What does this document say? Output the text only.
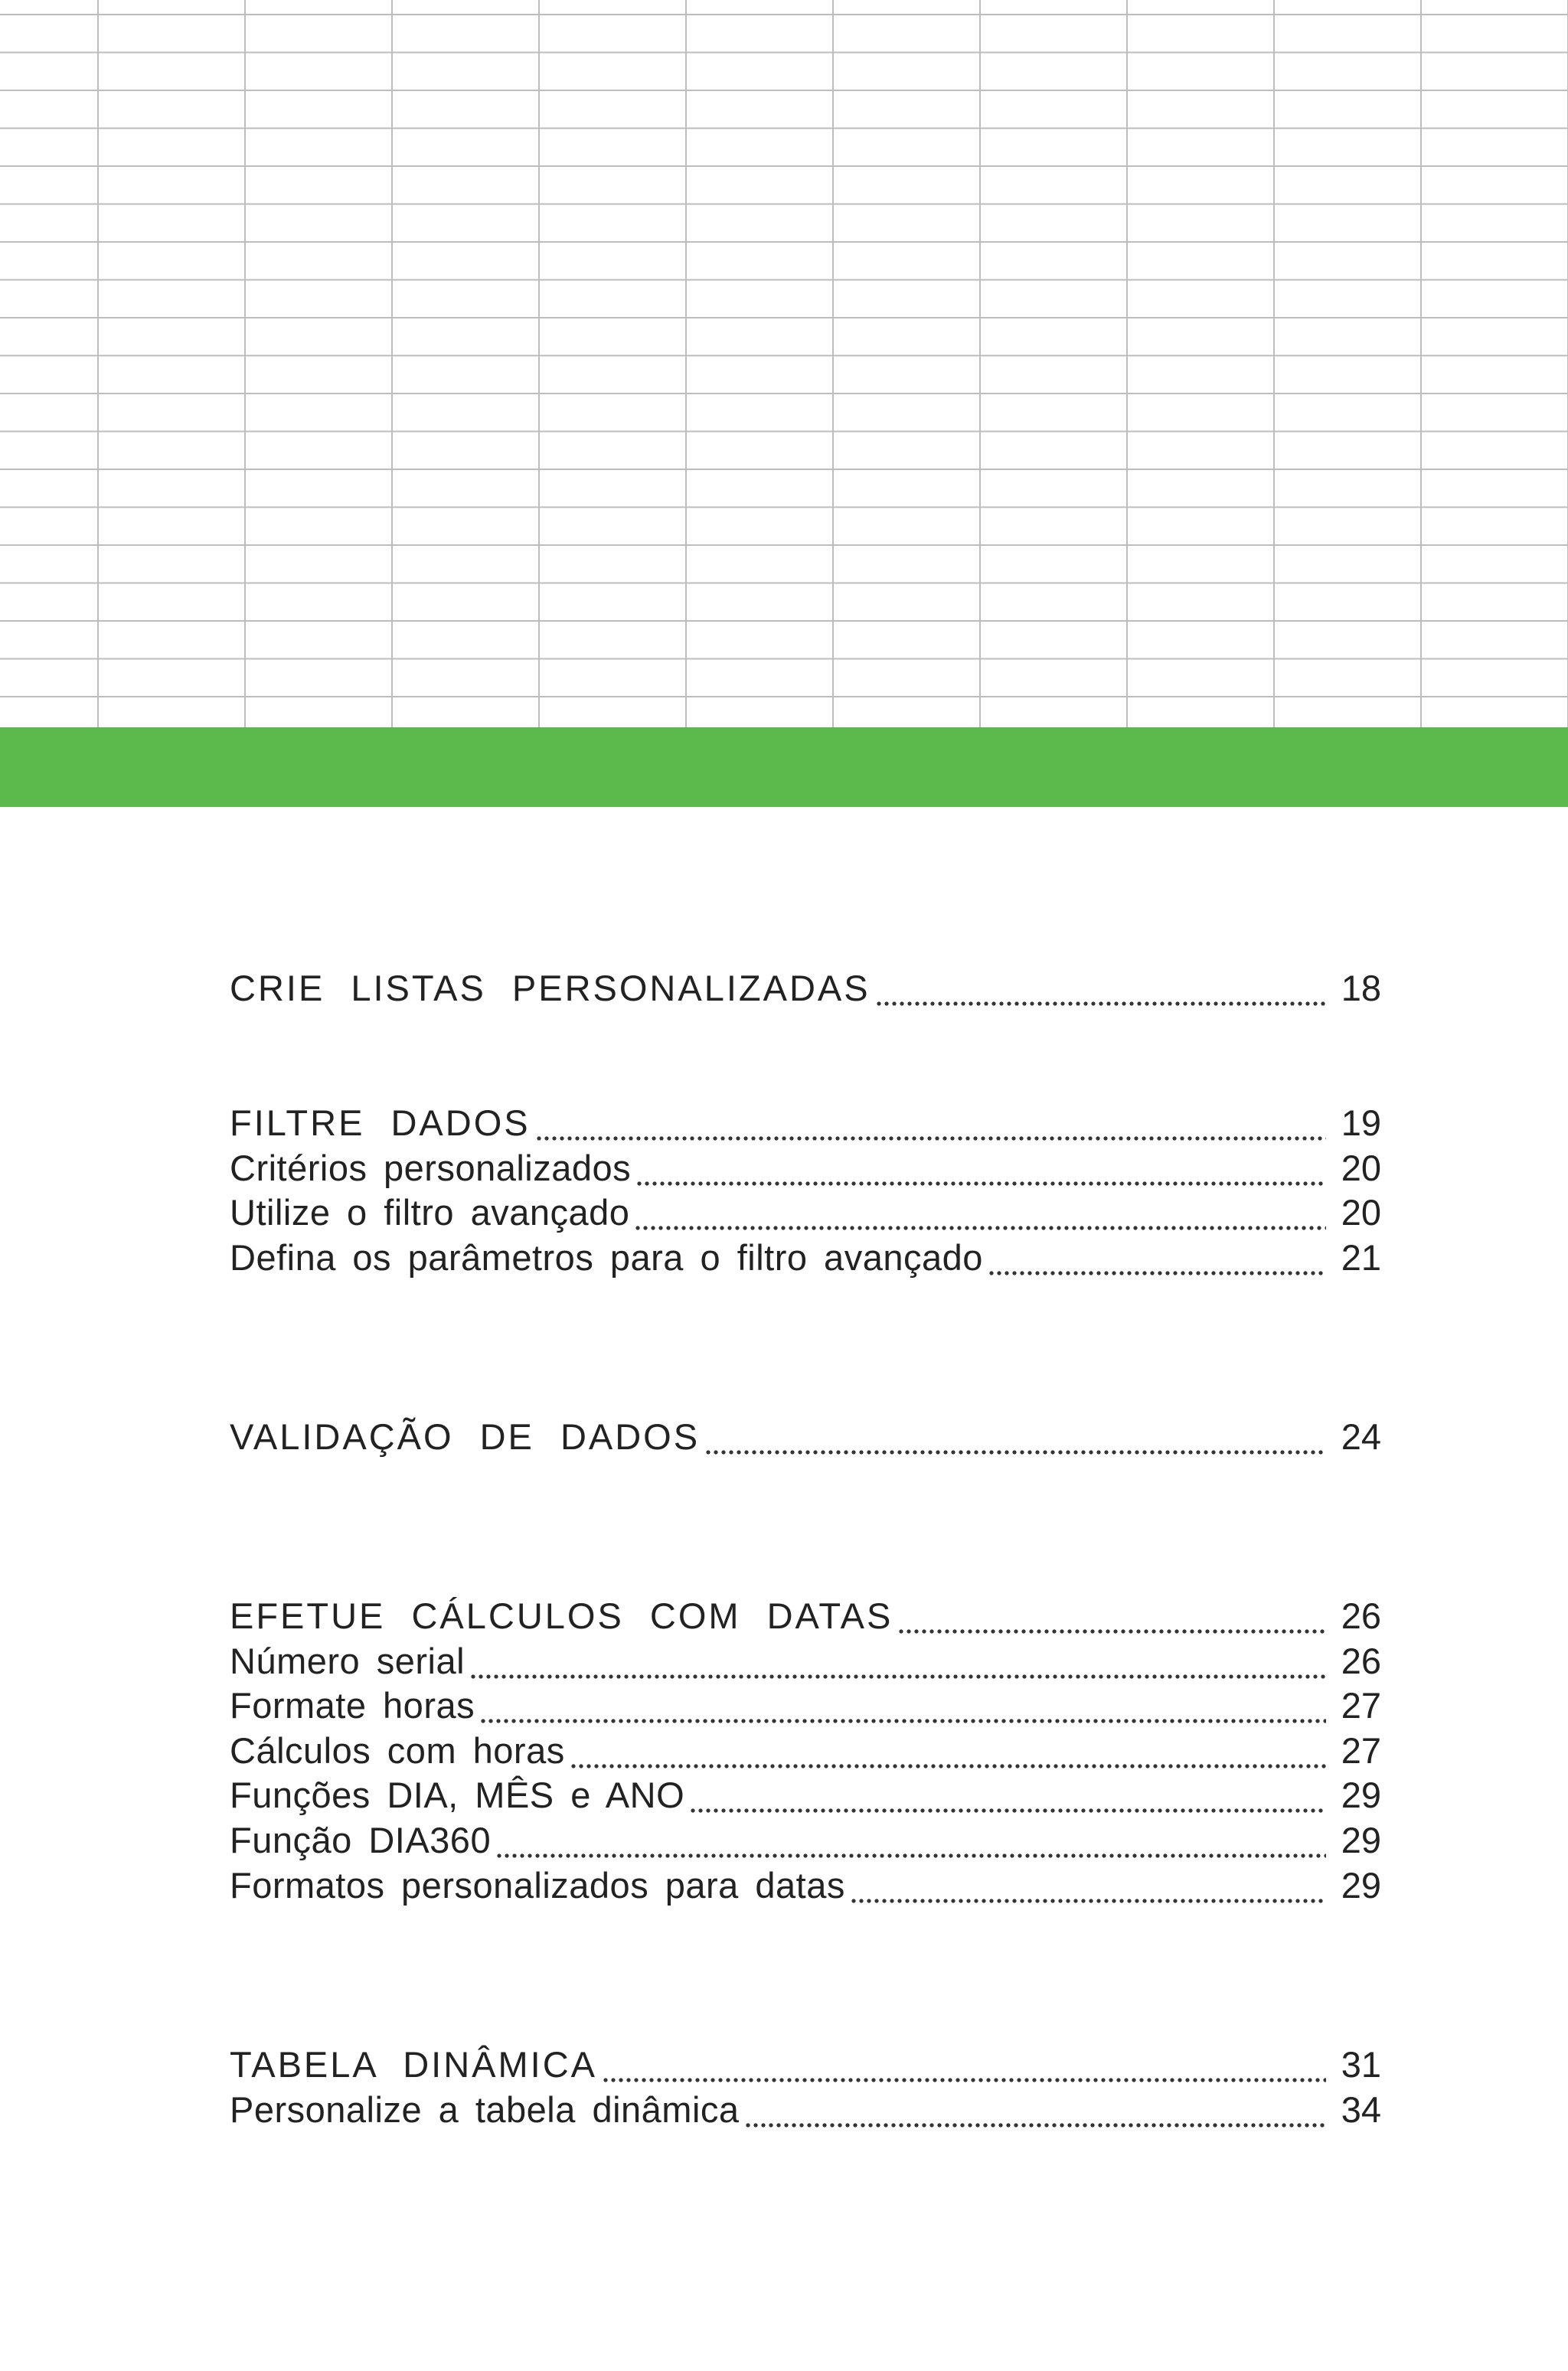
CRIE LISTAS PERSONALIZADAS	18
FILTRE DADOS	19
Critérios personalizados	20
Utilize o filtro avançado	20
Defina os parâmetros para o filtro avançado	21
VALIDAÇÃO DE DADOS	24
EFETUE CÁLCULOS COM DATAS	26
Número serial	26
Formate horas	27
Cálculos com horas	27
Funções DIA, MÊS e ANO	29
Função DIA360	29
Formatos personalizados para datas	29
TABELA DINÂMICA	31
Personalize a tabela dinâmica	34
